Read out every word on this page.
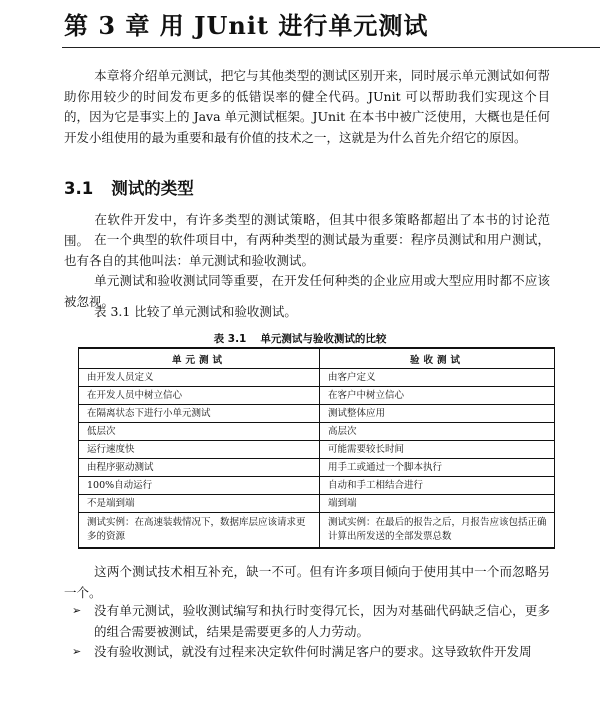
第 3 章 用 JUnit 进行单元测试
本章将介绍单元测试，把它与其他类型的测试区别开来，同时展示单元测试如何帮助你用较少的时间发布更多的低错误率的健全代码。JUnit 可以帮助我们实现这个目的，因为它是事实上的 Java 单元测试框架。JUnit 在本书中被广泛使用，大概也是任何开发小组使用的最为重要和最有价值的技术之一，这就是为什么首先介绍它的原因。
3.1 测试的类型
在软件开发中，有许多类型的测试策略，但其中很多策略都超出了本书的讨论范围。 在一个典型的软件项目中，有两种类型的测试最为重要：程序员测试和用户测试，也有各自的其他叫法：单元测试和验收测试。
单元测试和验收测试同等重要，在开发任何种类的企业应用或大型应用时都不应该被忽视。
表 3.1 比较了单元测试和验收测试。
表 3.1 单元测试与验收测试的比较
单元测试	验收测试
由开发人员定义	由客户定义
在开发人员中树立信心	在客户中树立信心
在隔离状态下进行小单元测试	测试整体应用
低层次	高层次
运行速度快	可能需要较长时间
由程序驱动测试	用手工或通过一个脚本执行
100%自动运行	自动和手工相结合进行
不是端到端	端到端
测试实例：在高速装载情况下，数据库层应该请求更多的资源	测试实例：在最后的报告之后，月报告应该包括正确计算出所发送的全部发票总数
这两个测试技术相互补充，缺一不可。但有许多项目倾向于使用其中一个而忽略另一个。
➢ 没有单元测试，验收测试编写和执行时变得冗长，因为对基础代码缺乏信心，更多的组合需要被测试，结果是需要更多的人力劳动。
➢ 没有验收测试，就没有过程来决定软件何时满足客户的要求。这导致软件开发周
